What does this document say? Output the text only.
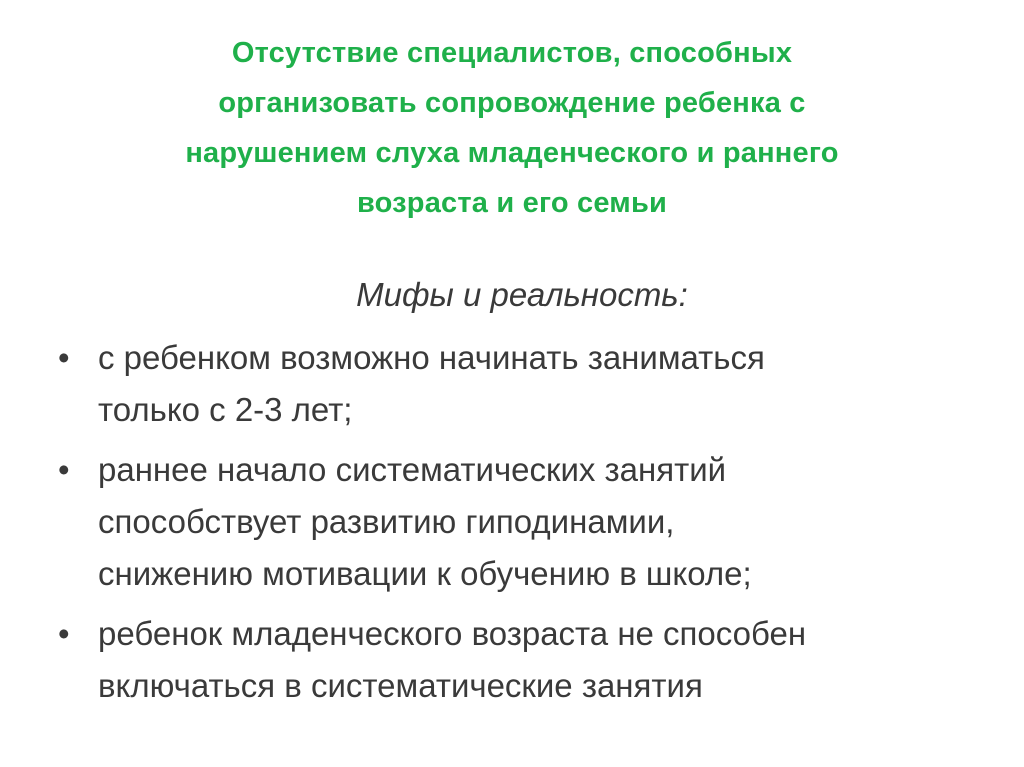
Отсутствие специалистов, способных
организовать сопровождение ребенка с
нарушением слуха младенческого и раннего
возраста и его семьи
Мифы и реальность:
• с ребенком возможно начинать заниматься
только с 2-3 лет;
• раннее начало систематических занятий
способствует развитию гиподинамии,
снижению мотивации к обучению в школе;
• ребенок младенческого возраста не способен
включаться в систематические занятия
